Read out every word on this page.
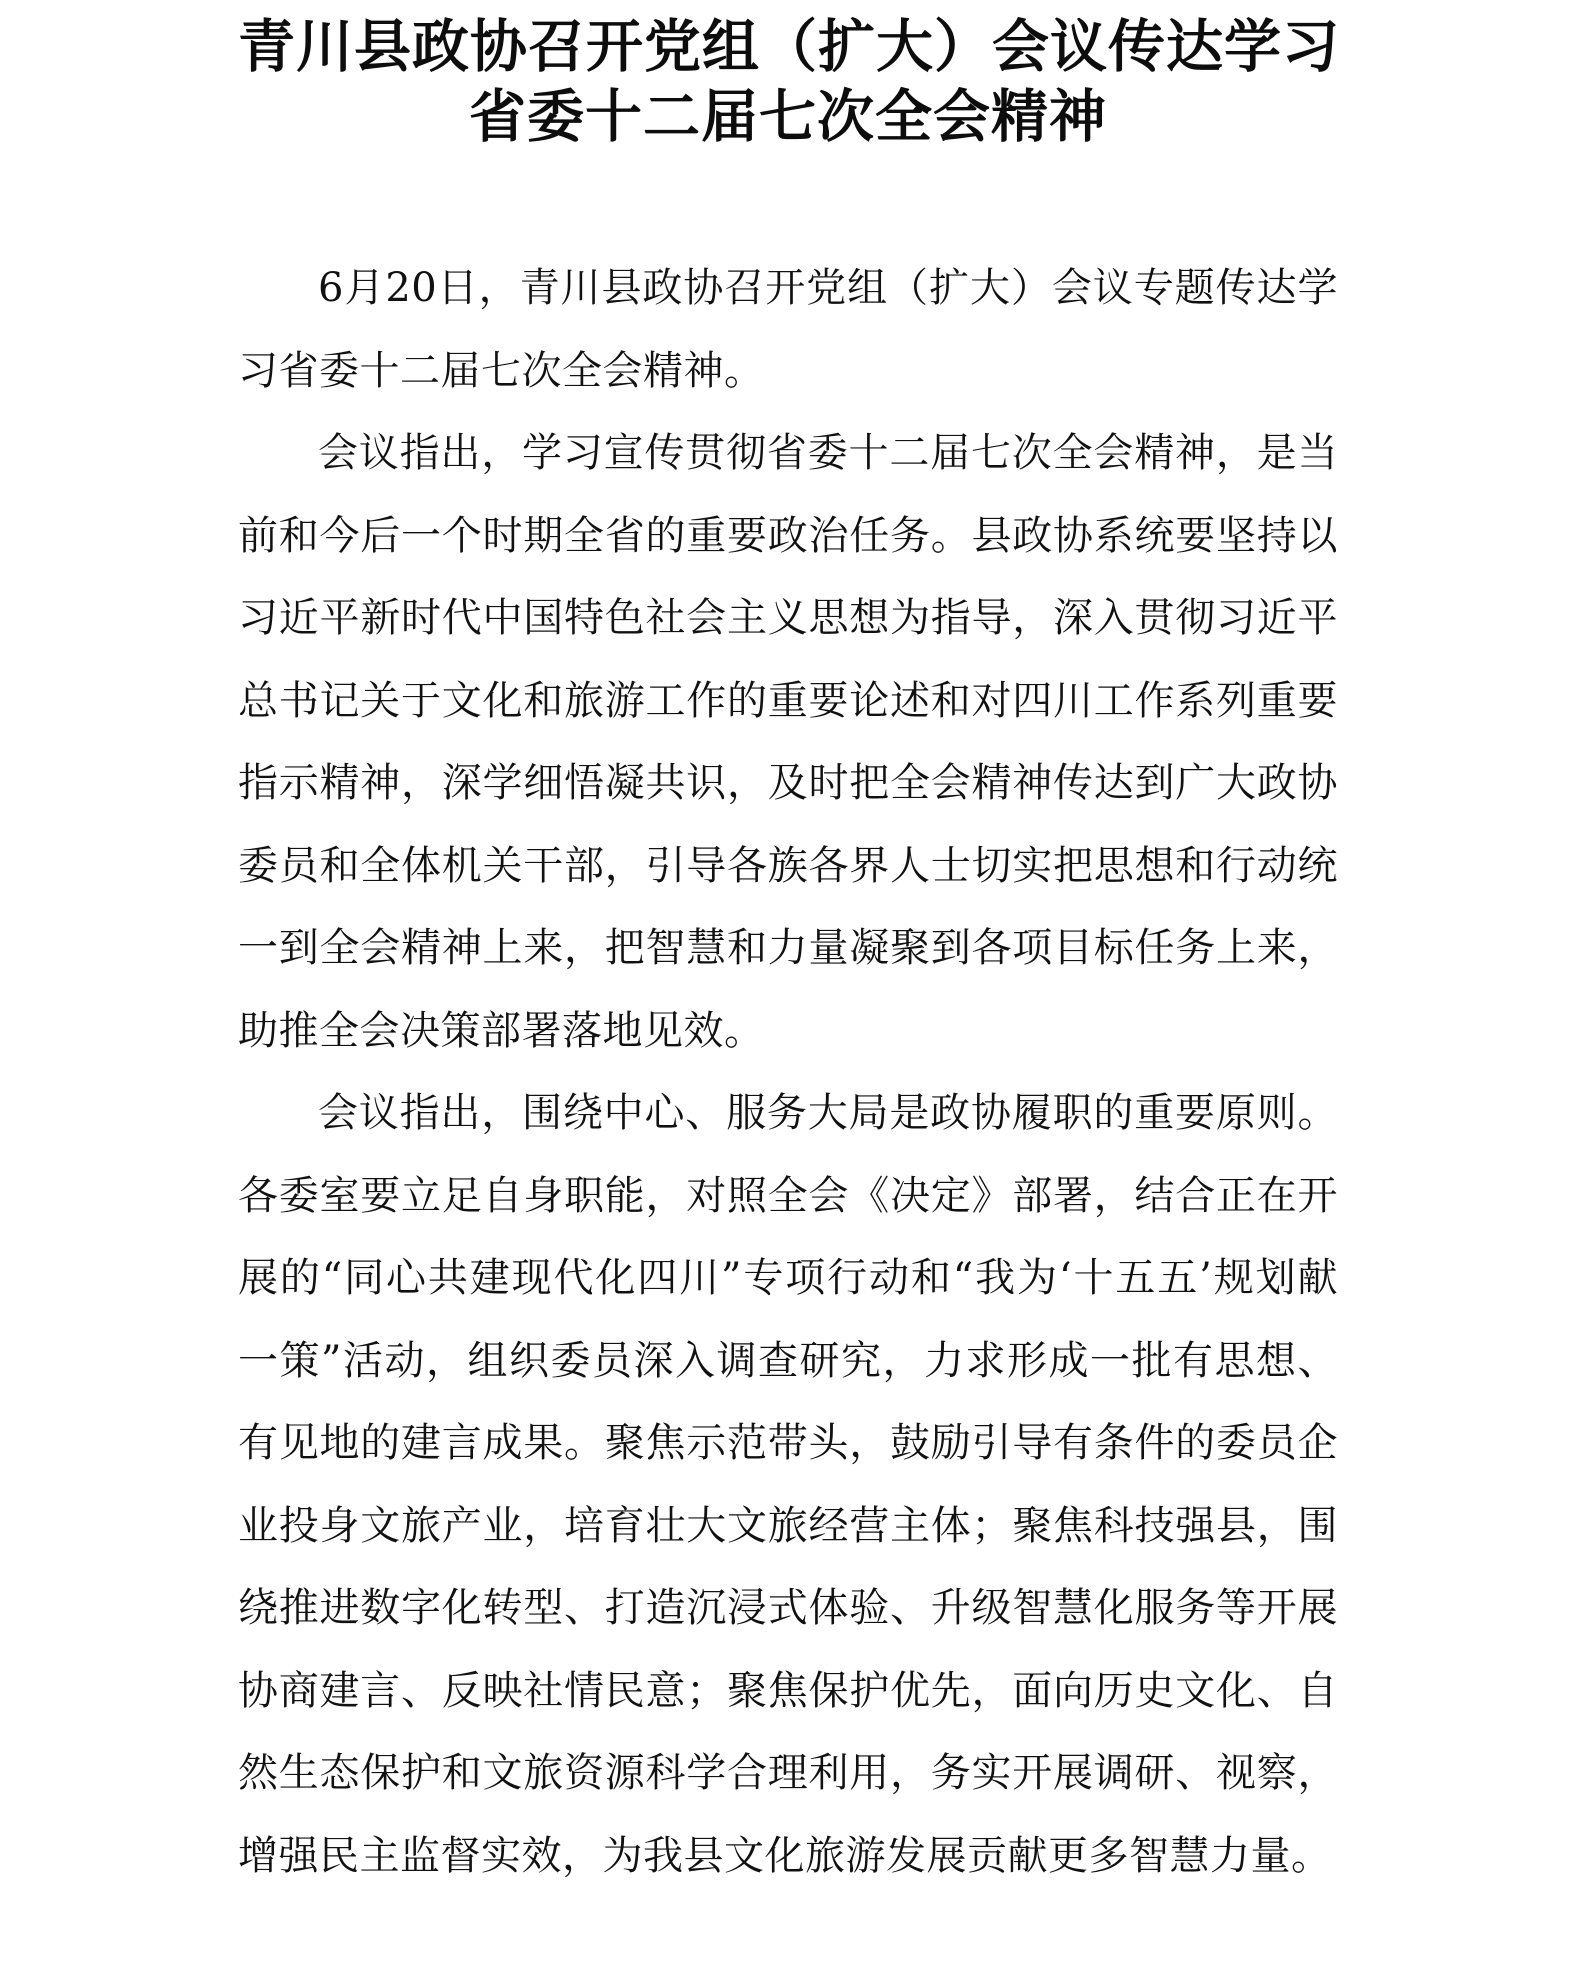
青川县政协召开党组（扩大）会议传达学习
省委十二届七次全会精神

6月20日，青川县政协召开党组（扩大）会议专题传达学习省委十二届七次全会精神。

会议指出，学习宣传贯彻省委十二届七次全会精神，是当前和今后一个时期全省的重要政治任务。县政协系统要坚持以习近平新时代中国特色社会主义思想为指导，深入贯彻习近平总书记关于文化和旅游工作的重要论述和对四川工作系列重要指示精神，深学细悟凝共识，及时把全会精神传达到广大政协委员和全体机关干部，引导各族各界人士切实把思想和行动统一到全会精神上来，把智慧和力量凝聚到各项目标任务上来，助推全会决策部署落地见效。

会议指出，围绕中心、服务大局是政协履职的重要原则。各委室要立足自身职能，对照全会《决定》部署，结合正在开展的“同心共建现代化四川”专项行动和“我为‘十五五’规划献一策”活动，组织委员深入调查研究，力求形成一批有思想、有见地的建言成果。聚焦示范带头，鼓励引导有条件的委员企业投身文旅产业，培育壮大文旅经营主体；聚焦科技强县，围绕推进数字化转型、打造沉浸式体验、升级智慧化服务等开展协商建言、反映社情民意；聚焦保护优先，面向历史文化、自然生态保护和文旅资源科学合理利用，务实开展调研、视察，增强民主监督实效，为我县文化旅游发展贡献更多智慧力量。
